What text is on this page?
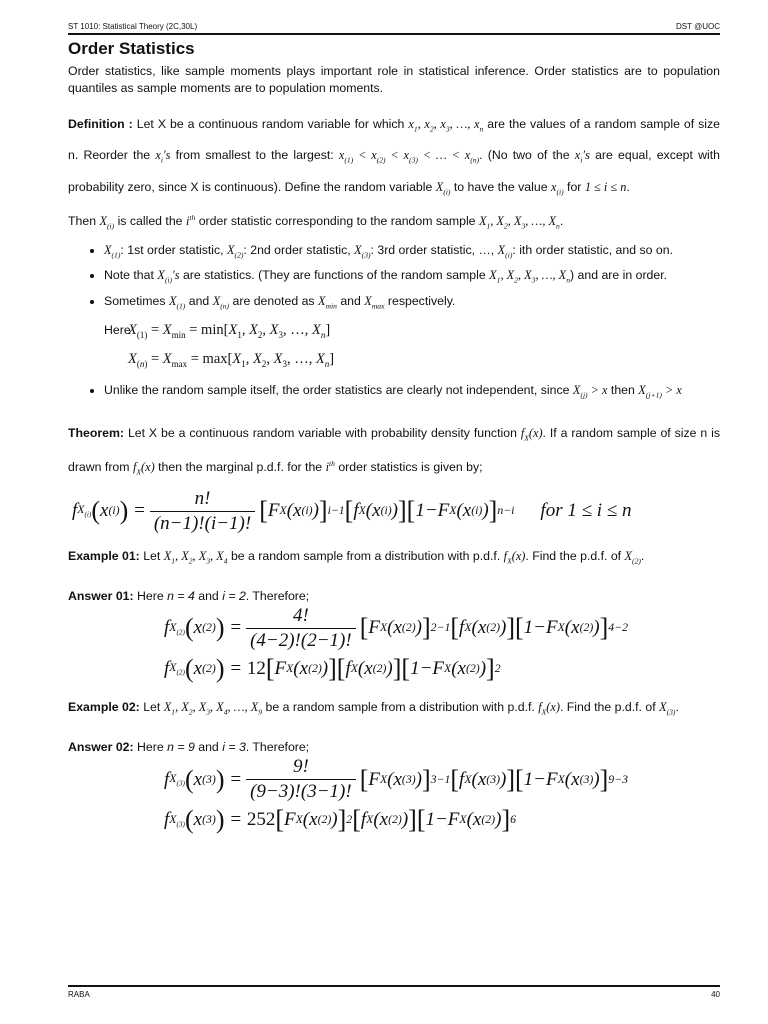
ST 1010: Statistical Theory (2C,30L)	DST @UOC
Order Statistics

Order statistics, like sample moments plays important role in statistical inference. Order statistics are to population quantiles as sample moments are to population moments.

Definition : Let X be a continuous random variable for which $x_1$, $x_2$, $x_3$, …, $x_n$ are the values of a random sample of size n. Reorder the $x_i's$ from smallest to the largest: $x_{(1)} < x_{(2)} < x_{(3)}$ < … < $x_{(n)}$. (No two of the $x_i's$ are equal, except with probability zero, since X is continuous). Define the random variable $X_{(i)}$ to have the value $x_{(i)}$ for 1 ≤ i ≤ n.

Then $X_{(i)}$ is called the $i^{th}$ order statistic corresponding to the random sample $X_1$, $X_2$, $X_3$, …, $X_n$.

• $X_{(1)}$: 1st order statistic, $X_{(2)}$: 2nd order statistic, $X_{(3)}$: 3rd order statistic, …, $X_{(i)}$: ith order statistic, and so on.
• Note that $X_{(i)}'s$ are statistics. (They are functions of the random sample $X_1$, $X_2$, $X_3$, …, $X_n$) and are in order.
• Sometimes $X_{(1)}$ and $X_{(n)}$ are denoted as $X_{min}$ and $X_{max}$ respectively.
Here
$X_{(1)} = X_{min} = \min[X_1$, $X_2$, $X_3$, …, $X_n$]
$X_{(n)} = X_{max} = \max[X_1$, $X_2$, $X_3$, …, $X_n$]
• Unlike the random sample itself, the order statistics are clearly not independent, since $X_{(j)} > x$ then $X_{(j+1)} > x$

Theorem: Let X be a continuous random variable with probability density function $f_X(x)$. If a random sample of size n is drawn from $f_X(x)$ then the marginal p.d.f. for the $i^{th}$ order statistics is given by;

f $X_{(i)}$ ( x (i) ) = $\frac{n!}{(n-1)!(i-1)!}$ [ F X (x (i) ) ] i−1 [ f X (x (i) ) ][ 1−F X (x (i) ) ] n−i for 1 ≤ i ≤ n

Example 01: Let $X_1$, $X_2$, $X_3$, $X_4$ be a random sample from a distribution with p.d.f. $f_X(x)$. Find the p.d.f. of $X_{(2)}$.

Answer 01: Here n = 4 and i = 2. Therefore;

f $X_{(2)}$ ( x (2) ) = $\frac{4!}{(4-2)!(2-1)!}$ [ F X (x (2) ) ] 2−1 [ f X (x (2) ) ][ 1−F X (x (2) ) ] 4−2
f $X_{(2)}$ ( x (2) ) = 12 [ F X (x (2) ) ][ f X (x (2) ) ][ 1−F X (x (2) ) ] 2

Example 02: Let $X_1$, $X_2$, $X_3$, $X_4$, …, $X_9$ be a random sample from a distribution with p.d.f. $f_X(x)$. Find the p.d.f. of $X_{(3)}$.

Answer 02: Here n = 9 and i = 3. Therefore;

f $X_{(3)}$ ( x (3) ) = $\frac{9!}{(9-3)!(3-1)!}$ [ F X (x (3) ) ] 3−1 [ f X (x (3) ) ][ 1−F X (x (3) ) ] 9−3
f $X_{(3)}$ ( x (3) ) = 252 [ F X (x (2) ) ] 2 [ f X (x (2) ) ][ 1−F X (x (2) ) ] 6
RABA	40
